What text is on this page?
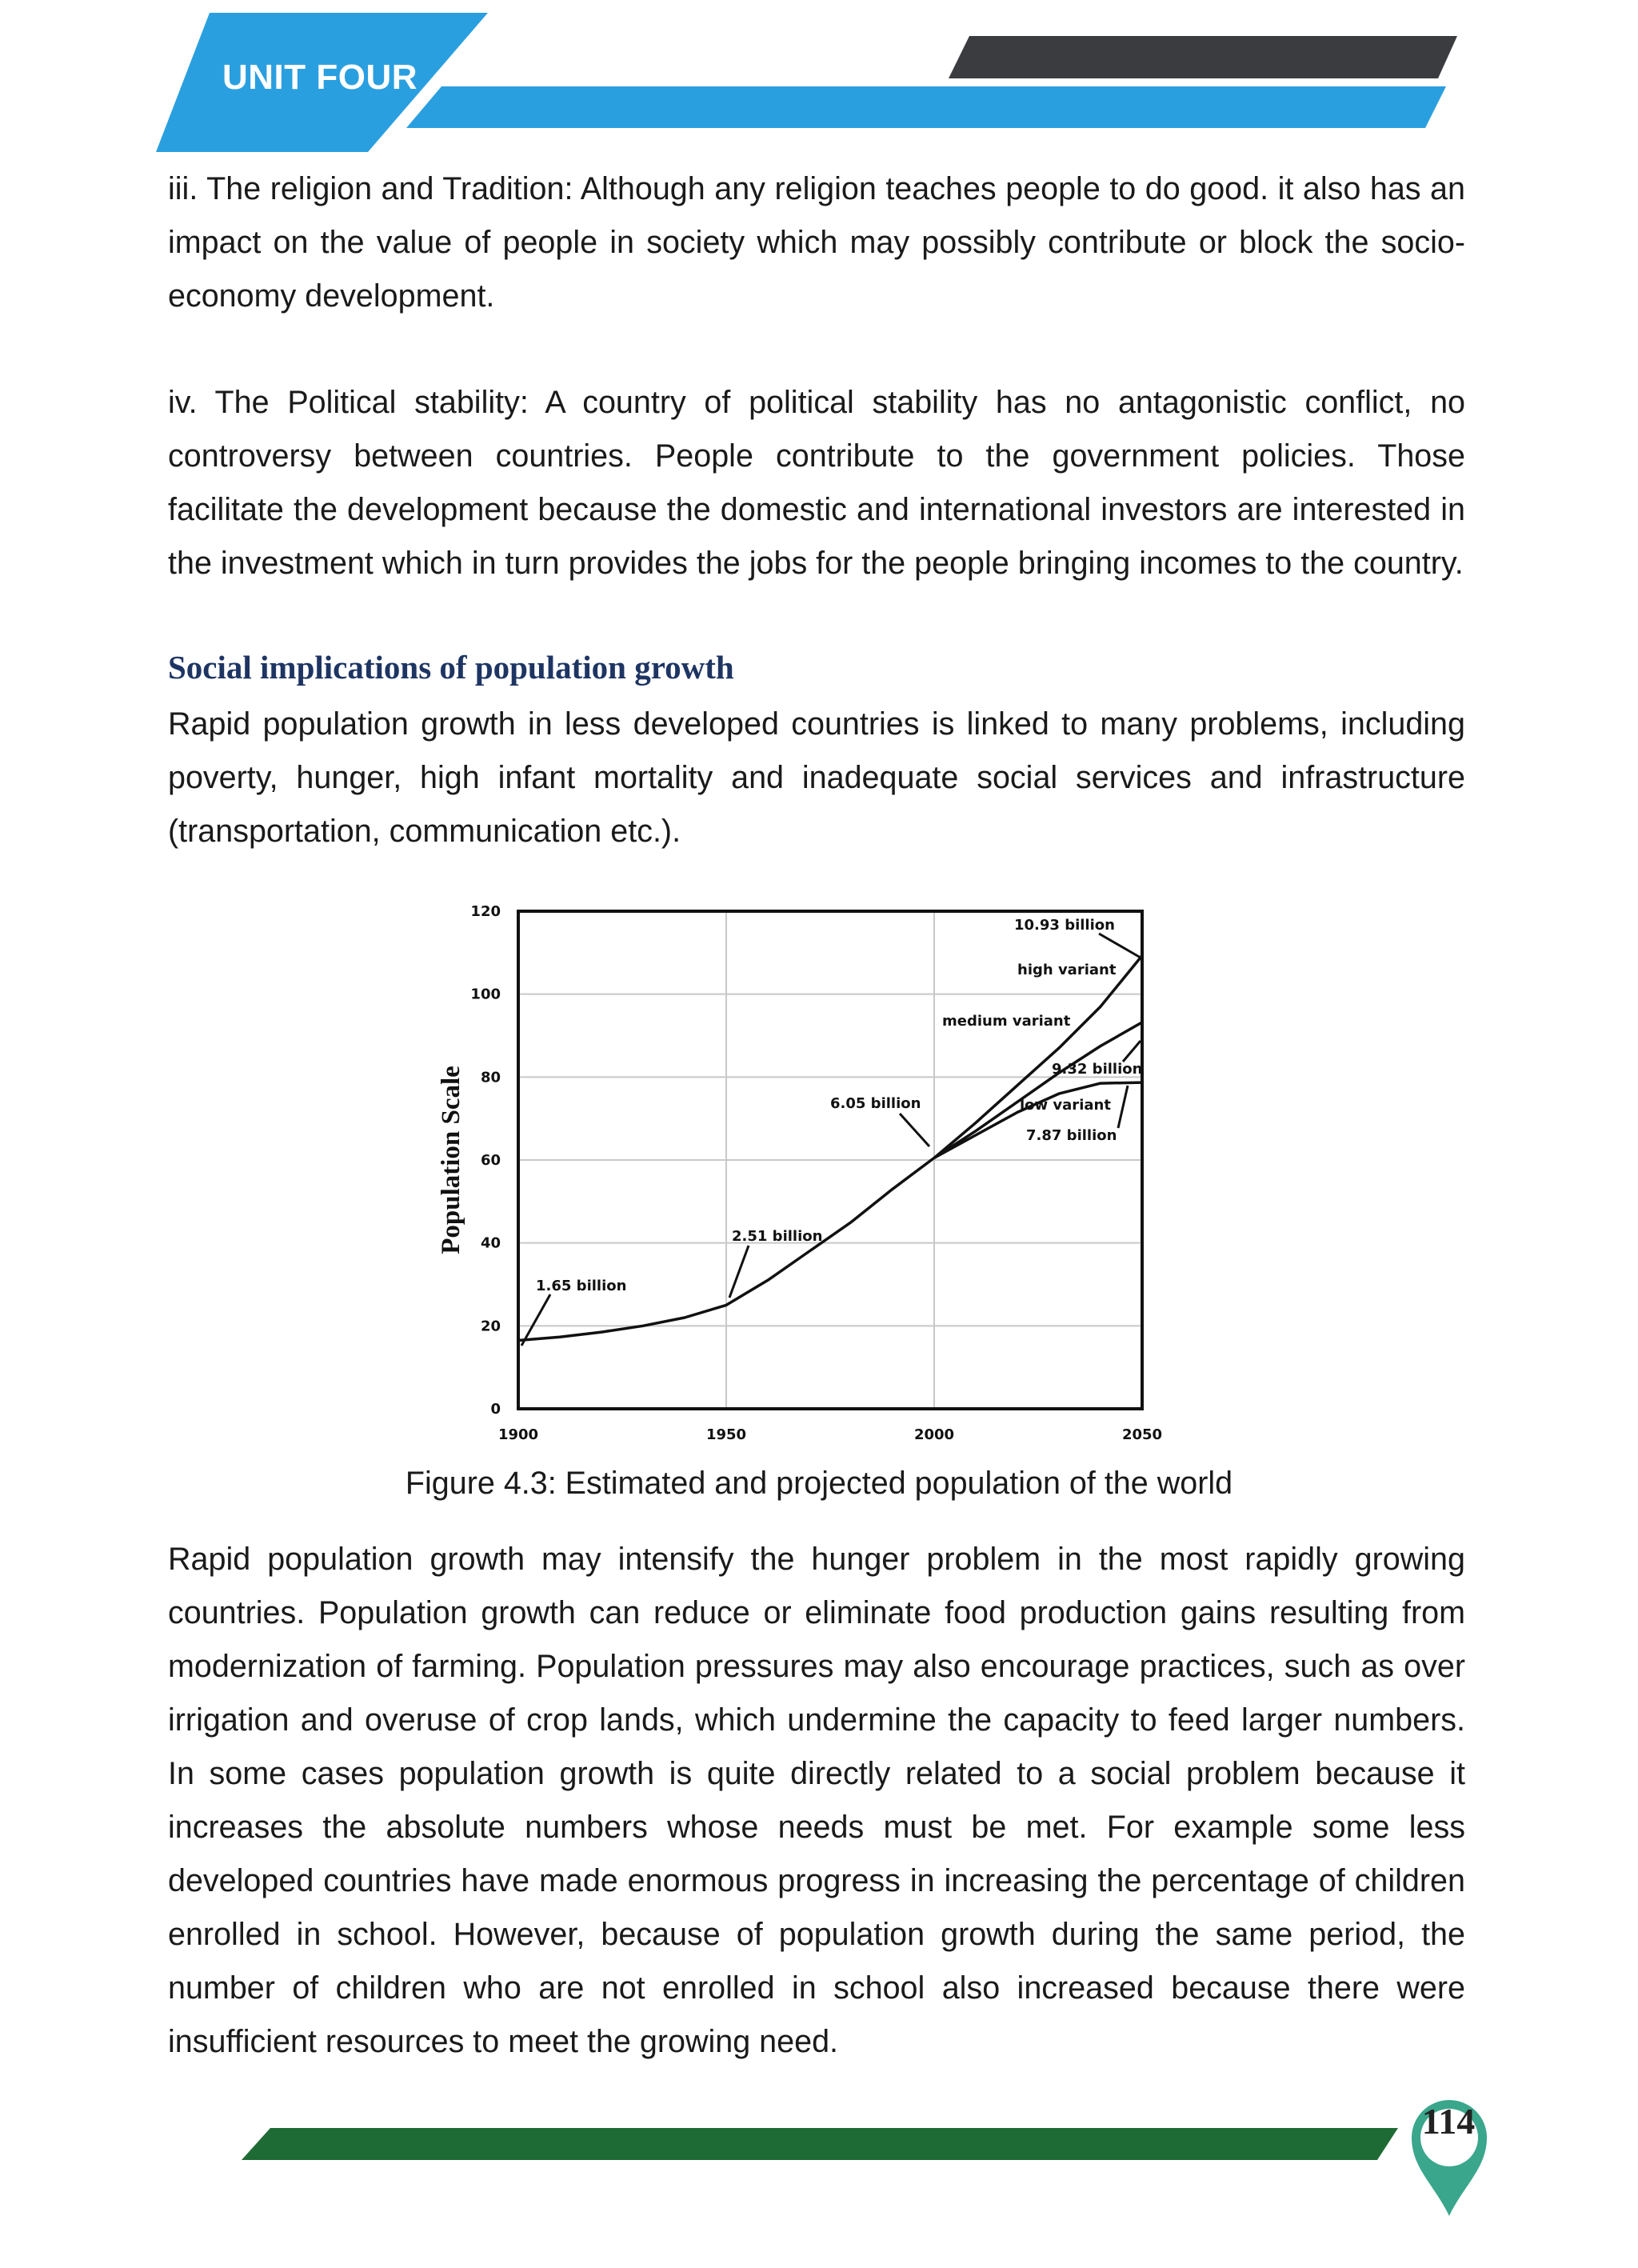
UNIT FOUR

iii. The religion and Tradition: Although any religion teaches people to do good. it also has an impact on the value of people in society which may possibly contribute or block the socio-economy development.

iv. The Political stability: A country of political stability has no antagonistic conflict, no controversy between countries. People contribute to the government policies. Those facilitate the development because the domestic and international investors are interested in the investment which in turn provides the jobs for the people bringing incomes to the country.

Social implications of population growth

Rapid population growth in less developed countries is linked to many problems, including poverty, hunger, high infant mortality and inadequate social services and infrastructure (transportation, communication etc.).

0
20
40
60
80
100
120
1900	1950	2000	2050
Population Scale
1.65 billion
2.51 billion
6.05 billion
10.93 billion
high variant
medium variant
9.32 billion
low variant
7.87 billion

Figure 4.3: Estimated and projected population of the world

Rapid population growth may intensify the hunger problem in the most rapidly growing countries. Population growth can reduce or eliminate food production gains resulting from modernization of farming. Population pressures may also encourage practices, such as over irrigation and overuse of crop lands, which undermine the capacity to feed larger numbers. In some cases population growth is quite directly related to a social problem because it increases the absolute numbers whose needs must be met. For example some less developed countries have made enormous progress in increasing the percentage of children enrolled in school. However, because of population growth during the same period, the number of children who are not enrolled in school also increased because there were insufficient resources to meet the growing need.

114
